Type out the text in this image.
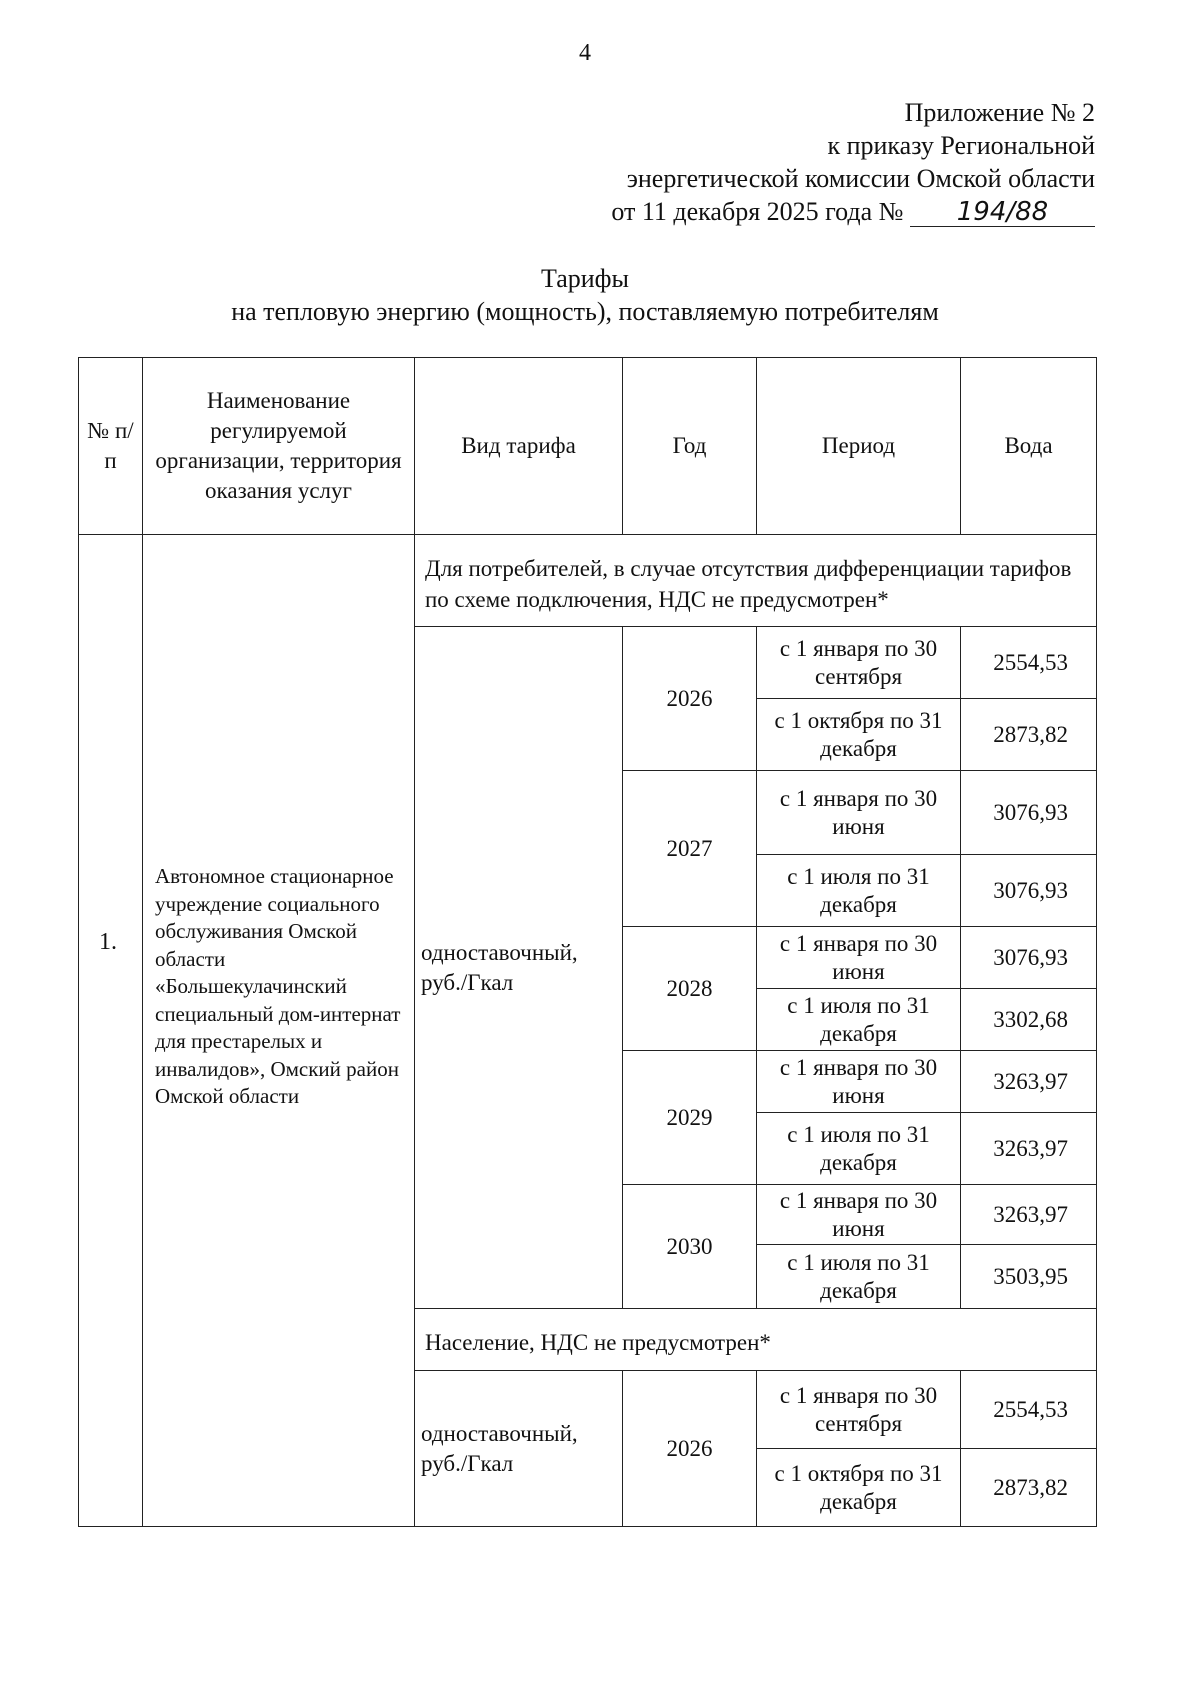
4
Приложение № 2
к приказу Региональной
энергетической комиссии Омской области
от 11 декабря 2025 года № 194/88
Тарифы
на тепловую энергию (мощность), поставляемую потребителям
№ п/п	Наименование регулируемой организации, территория оказания услуг	Вид тарифа	Год	Период	Вода

1.	Автономное стационарное учреждение социального обслуживания Омской области «Большекулачинский специальный дом-интернат для престарелых и инвалидов», Омский район Омской области	Для потребителей, в случае отсутствия дифференциации тарифов по схеме подключения, НДС не предусмотрен*			
		одноставочный, руб./Гкал	2026	с 1 января по 30 сентября	2554,53
				с 1 октября по 31 декабря	2873,82
			2027	с 1 января по 30 июня	3076,93
				с 1 июля по 31 декабря	3076,93
			2028	с 1 января по 30 июня	3076,93
				с 1 июля по 31 декабря	3302,68
			2029	с 1 января по 30 июня	3263,97
				с 1 июля по 31 декабря	3263,97
			2030	с 1 января по 30 июня	3263,97
				с 1 июля по 31 декабря	3503,95
		Население, НДС не предусмотрен*			
		одноставочный, руб./Гкал	2026	с 1 января по 30 сентября	2554,53
				с 1 октября по 31 декабря	2873,82
